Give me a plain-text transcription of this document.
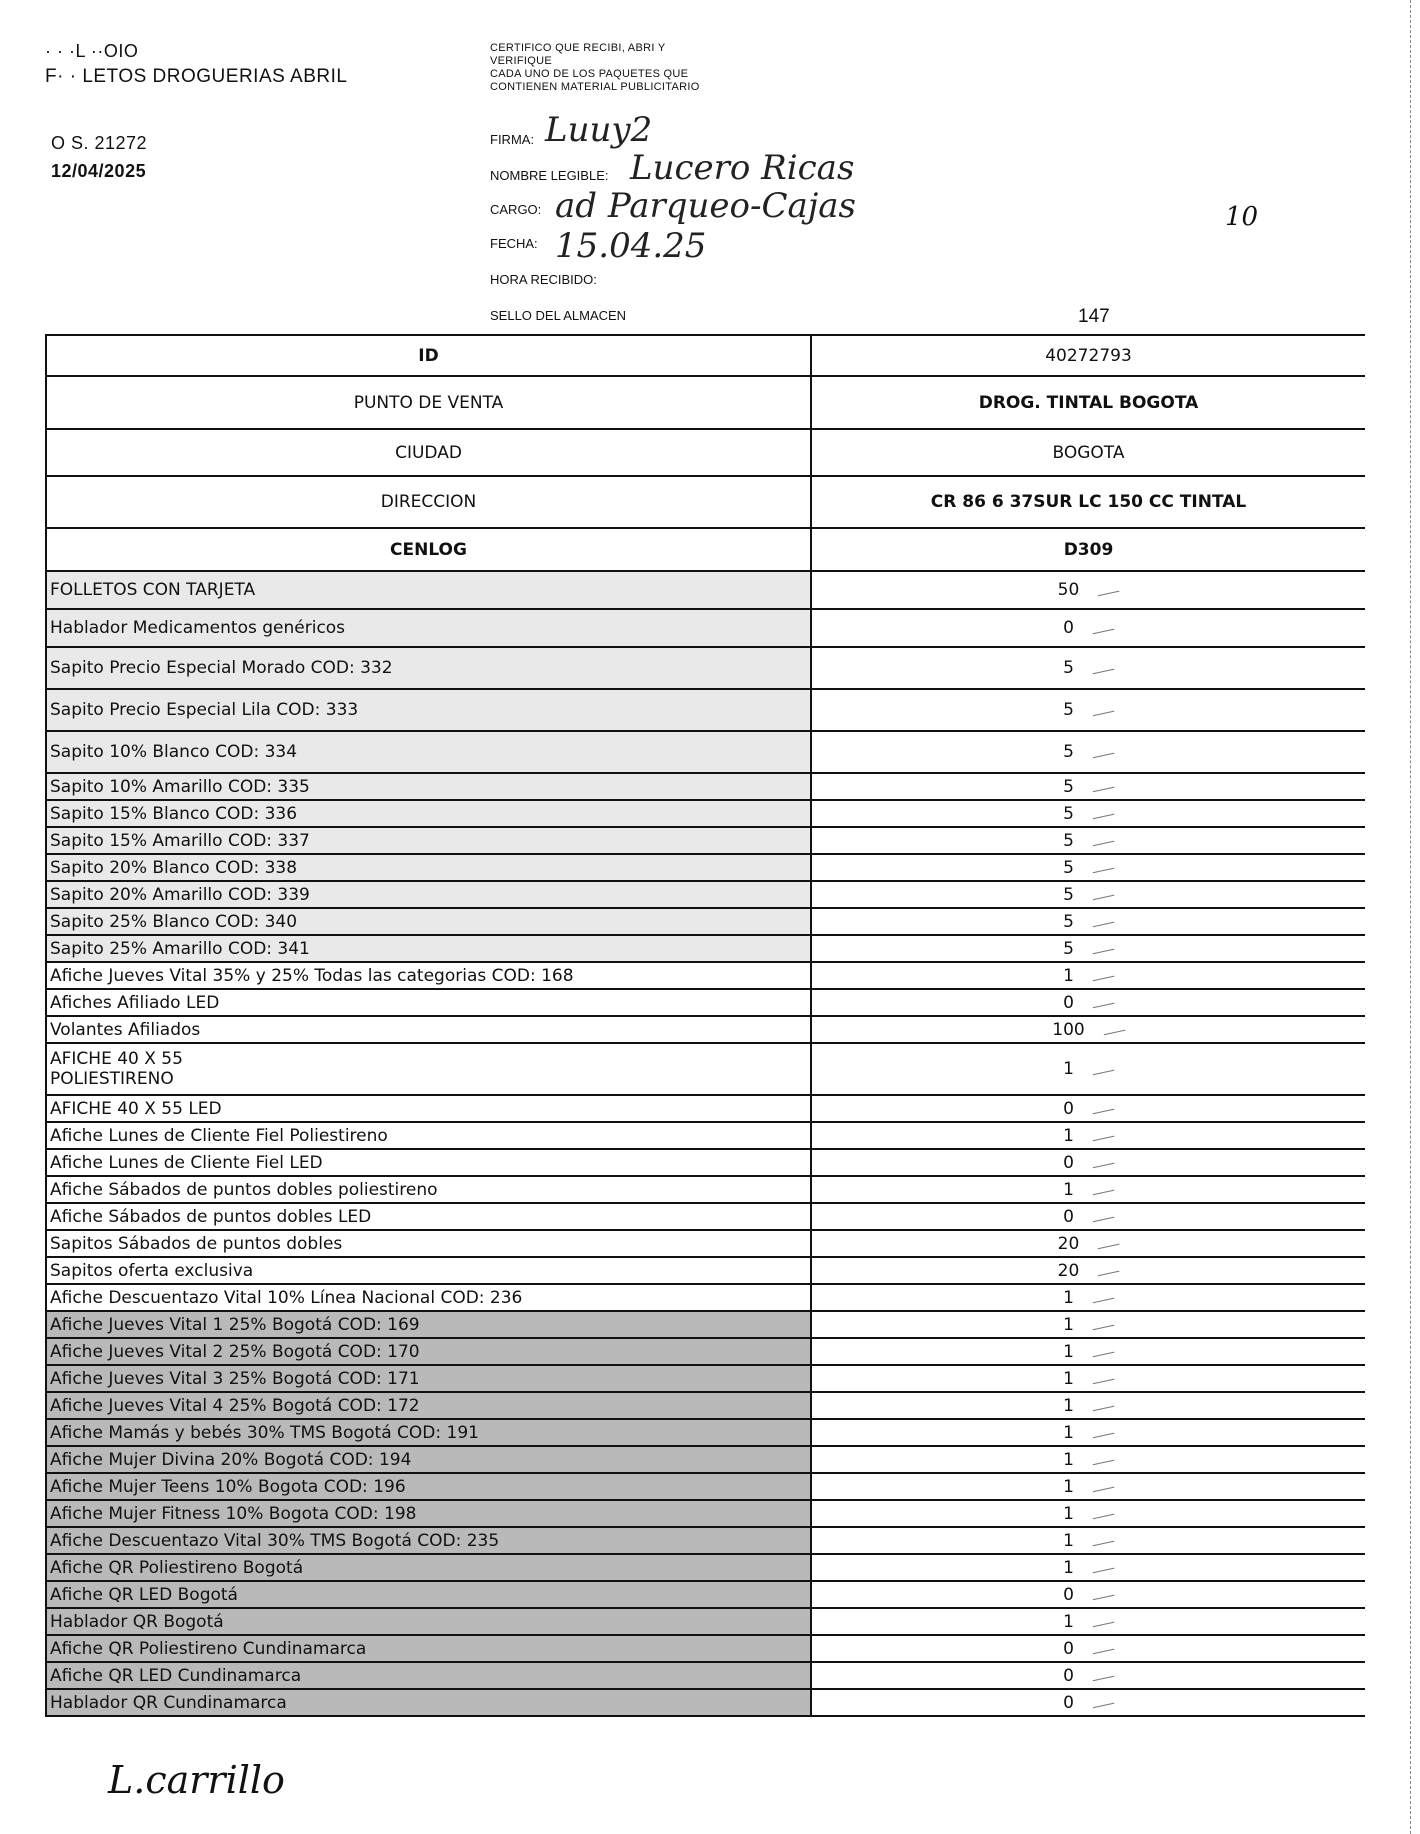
· · ·L ··OIO
F· · LETOS DROGUERIAS ABRIL
O S. 21272
12/04/2025
CERTIFICO QUE RECIBI, ABRI Y
VERIFIQUE
CADA UNO DE LOS PAQUETES QUE
CONTIENEN MATERIAL PUBLICITARIO
FIRMA:
NOMBRE LEGIBLE:
CARGO:
FECHA:
HORA RECIBIDO:
Luuy2
Lucero Ricas
ad Parqueo-Cajas
15.04.25
SELLO DEL ALMACEN	147
10
ID	40272793
PUNTO DE VENTA	DROG. TINTAL BOGOTA
CIUDAD	BOGOTA
DIRECCION	CR 86 6 37SUR LC 150 CC TINTAL
CENLOG	D309
FOLLETOS CON TARJETA	50
Hablador Medicamentos genéricos	0
Sapito Precio Especial Morado COD: 332	5
Sapito Precio Especial Lila COD: 333	5
Sapito 10% Blanco COD: 334	5
Sapito 10% Amarillo COD: 335	5
Sapito 15% Blanco COD: 336	5
Sapito 15% Amarillo COD: 337	5
Sapito 20% Blanco COD: 338	5
Sapito 20% Amarillo COD: 339	5
Sapito 25% Blanco COD: 340	5
Sapito 25% Amarillo COD: 341	5
Afiche Jueves Vital 35% y 25% Todas las categorias COD: 168	1
Afiches Afiliado LED	0
Volantes Afiliados	100
AFICHE 40 X 55
POLIESTIRENO	1
AFICHE 40 X 55 LED	0
Afiche Lunes de Cliente Fiel Poliestireno	1
Afiche Lunes de Cliente Fiel LED	0
Afiche Sábados de puntos dobles poliestireno	1
Afiche Sábados de puntos dobles LED	0
Sapitos Sábados de puntos dobles	20
Sapitos oferta exclusiva	20
Afiche Descuentazo Vital 10% Línea Nacional COD: 236	1
Afiche Jueves Vital 1 25% Bogotá COD: 169	1
Afiche Jueves Vital 2 25% Bogotá COD: 170	1
Afiche Jueves Vital 3 25% Bogotá COD: 171	1
Afiche Jueves Vital 4 25% Bogotá COD: 172	1
Afiche Mamás y bebés 30% TMS Bogotá COD: 191	1
Afiche Mujer Divina 20% Bogotá COD: 194	1
Afiche Mujer Teens 10% Bogota COD: 196	1
Afiche Mujer Fitness 10% Bogota COD: 198	1
Afiche Descuentazo Vital 30% TMS Bogotá COD: 235	1
Afiche QR Poliestireno Bogotá	1
Afiche QR LED Bogotá	0
Hablador QR Bogotá	1
Afiche QR Poliestireno Cundinamarca	0
Afiche QR LED Cundinamarca	0
Hablador QR Cundinamarca	0
L.carrillo
